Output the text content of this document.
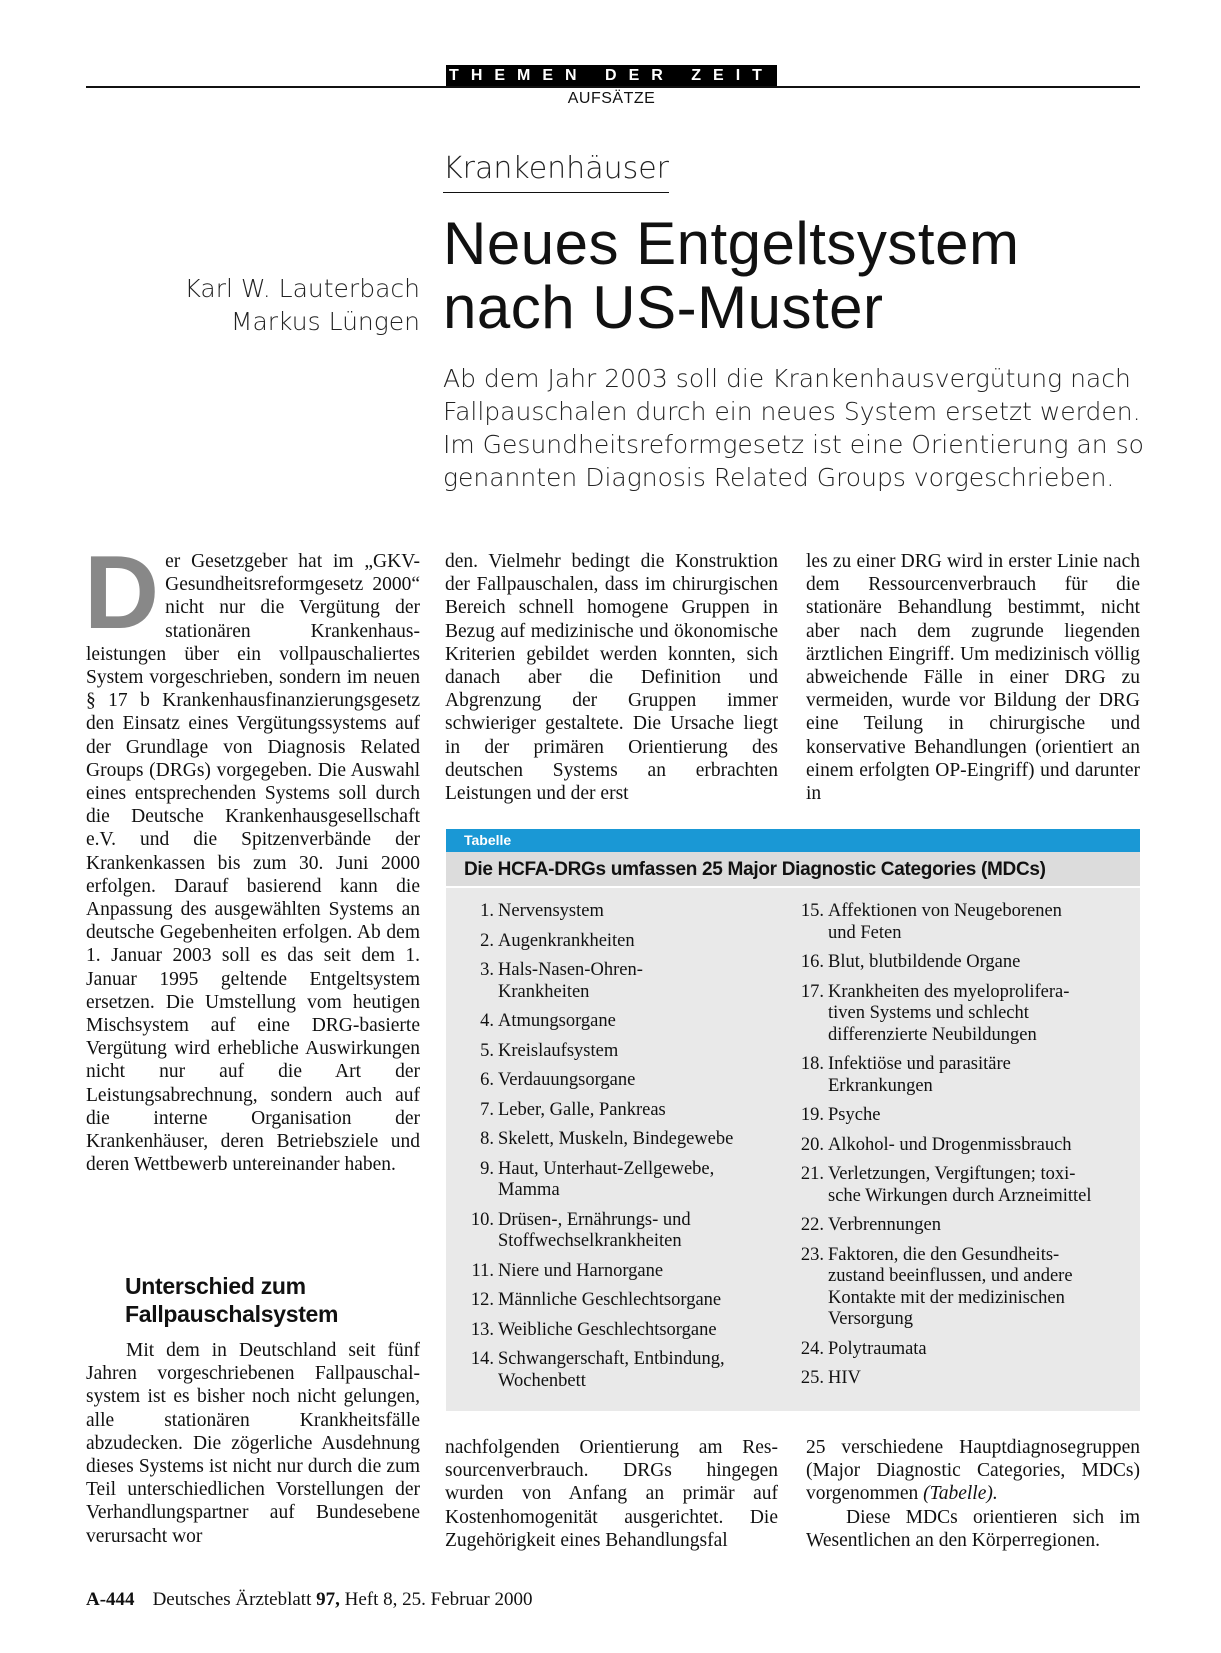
THEMEN DER ZEIT
AUFSÄTZE
Krankenhäuser
Neues Entgeltsystem
nach US-Muster
Karl W. Lauterbach
Markus Lüngen
Ab dem Jahr 2003 soll die Krankenhausvergütung nach
Fallpauschalen durch ein neues System ersetzt werden.
Im Gesundheitsreformgesetz ist eine Orientierung an so
genannten Diagnosis Related Groups vorgeschrieben.

Der Gesetzgeber hat im „GKV-Gesundheitsreformgesetz 2000“ nicht nur die Vergütung der stationären Krankenhausleistungen über ein vollpauschaliertes System vorgeschrieben, sondern im neuen § 17 b Krankenhausfinanzierungsgesetz den Einsatz eines Vergütungssystems auf der Grundlage von Diagnosis Related Groups (DRGs) vorgegeben. Die Auswahl eines entsprechenden Systems soll durch die Deutsche Krankenhausgesellschaft e.V. und die Spitzenverbände der Krankenkassen bis zum 30. Juni 2000 erfolgen. Darauf basierend kann die Anpassung des ausgewählten Systems an deutsche Gegebenheiten erfolgen. Ab dem 1. Januar 2003 soll es das seit dem 1. Januar 1995 geltende Entgeltsystem ersetzen. Die Umstellung vom heutigen Mischsystem auf eine DRG-basierte Vergütung wird erhebliche Auswirkungen nicht nur auf die Art der Leistungsabrechnung, sondern auch auf die interne Organisation der Krankenhäuser, deren Betriebsziele und deren Wettbewerb untereinander haben.

Unterschied zum
Fallpauschalsystem

Mit dem in Deutschland seit fünf Jahren vorgeschriebenen Fallpauschalsystem ist es bisher noch nicht gelungen, alle stationären Krankheitsfälle abzudecken. Die zögerliche Ausdehnung dieses Systems ist nicht nur durch die zum Teil unterschiedlichen Vorstellungen der Verhandlungspartner auf Bundesebene verursacht wor

den. Vielmehr bedingt die Konstruktion der Fallpauschalen, dass im chirurgischen Bereich schnell homogene Gruppen in Bezug auf medizinische und ökonomische Kriterien gebildet werden konnten, sich danach aber die Definition und Abgrenzung der Gruppen immer schwieriger gestaltete. Die Ursache liegt in der primären Orientierung des deutschen Systems an erbrachten Leistungen und der erst

les zu einer DRG wird in erster Linie nach dem Ressourcenverbrauch für die stationäre Behandlung bestimmt, nicht aber nach dem zugrunde liegenden ärztlichen Eingriff. Um medizinisch völlig abweichende Fälle in einer DRG zu vermeiden, wurde vor Bildung der DRG eine Teilung in chirurgische und konservative Behandlungen (orientiert an einem erfolgten OP-Eingriff) und darunter in

Tabelle
Die HCFA-DRGs umfassen 25 Major Diagnostic Categories (MDCs)
1. Nervensystem
2. Augenkrankheiten
3. Hals-Nasen-Ohren-
Krankheiten
4. Atmungsorgane
5. Kreislaufsystem
6. Verdauungsorgane
7. Leber, Galle, Pankreas
8. Skelett, Muskeln, Bindegewebe
9. Haut, Unterhaut-Zellgewebe,
Mamma
10. Drüsen-, Ernährungs- und
Stoffwechselkrankheiten
11. Niere und Harnorgane
12. Männliche Geschlechtsorgane
13. Weibliche Geschlechtsorgane
14. Schwangerschaft, Entbindung,
Wochenbett
15. Affektionen von Neugeborenen
und Feten
16. Blut, blutbildende Organe
17. Krankheiten des myeloprolifera-
tiven Systems und schlecht
differenzierte Neubildungen
18. Infektiöse und parasitäre
Erkrankungen
19. Psyche
20. Alkohol- und Drogenmissbrauch
21. Verletzungen, Vergiftungen; toxi-
sche Wirkungen durch Arzneimittel
22. Verbrennungen
23. Faktoren, die den Gesundheits-
zustand beeinflussen, und andere
Kontakte mit der medizinischen
Versorgung
24. Polytraumata
25. HIV

nachfolgenden Orientierung am Ressourcenverbrauch. DRGs hingegen wurden von Anfang an primär auf Kostenhomogenität ausgerichtet. Die Zugehörigkeit eines Behandlungsfal

25 verschiedene Hauptdiagnosegruppen (Major Diagnostic Categories, MDCs) vorgenommen (Tabelle).

Diese MDCs orientieren sich im Wesentlichen an den Körperregionen.

A-444 Deutsches Ärzteblatt 97, Heft 8, 25. Februar 2000
